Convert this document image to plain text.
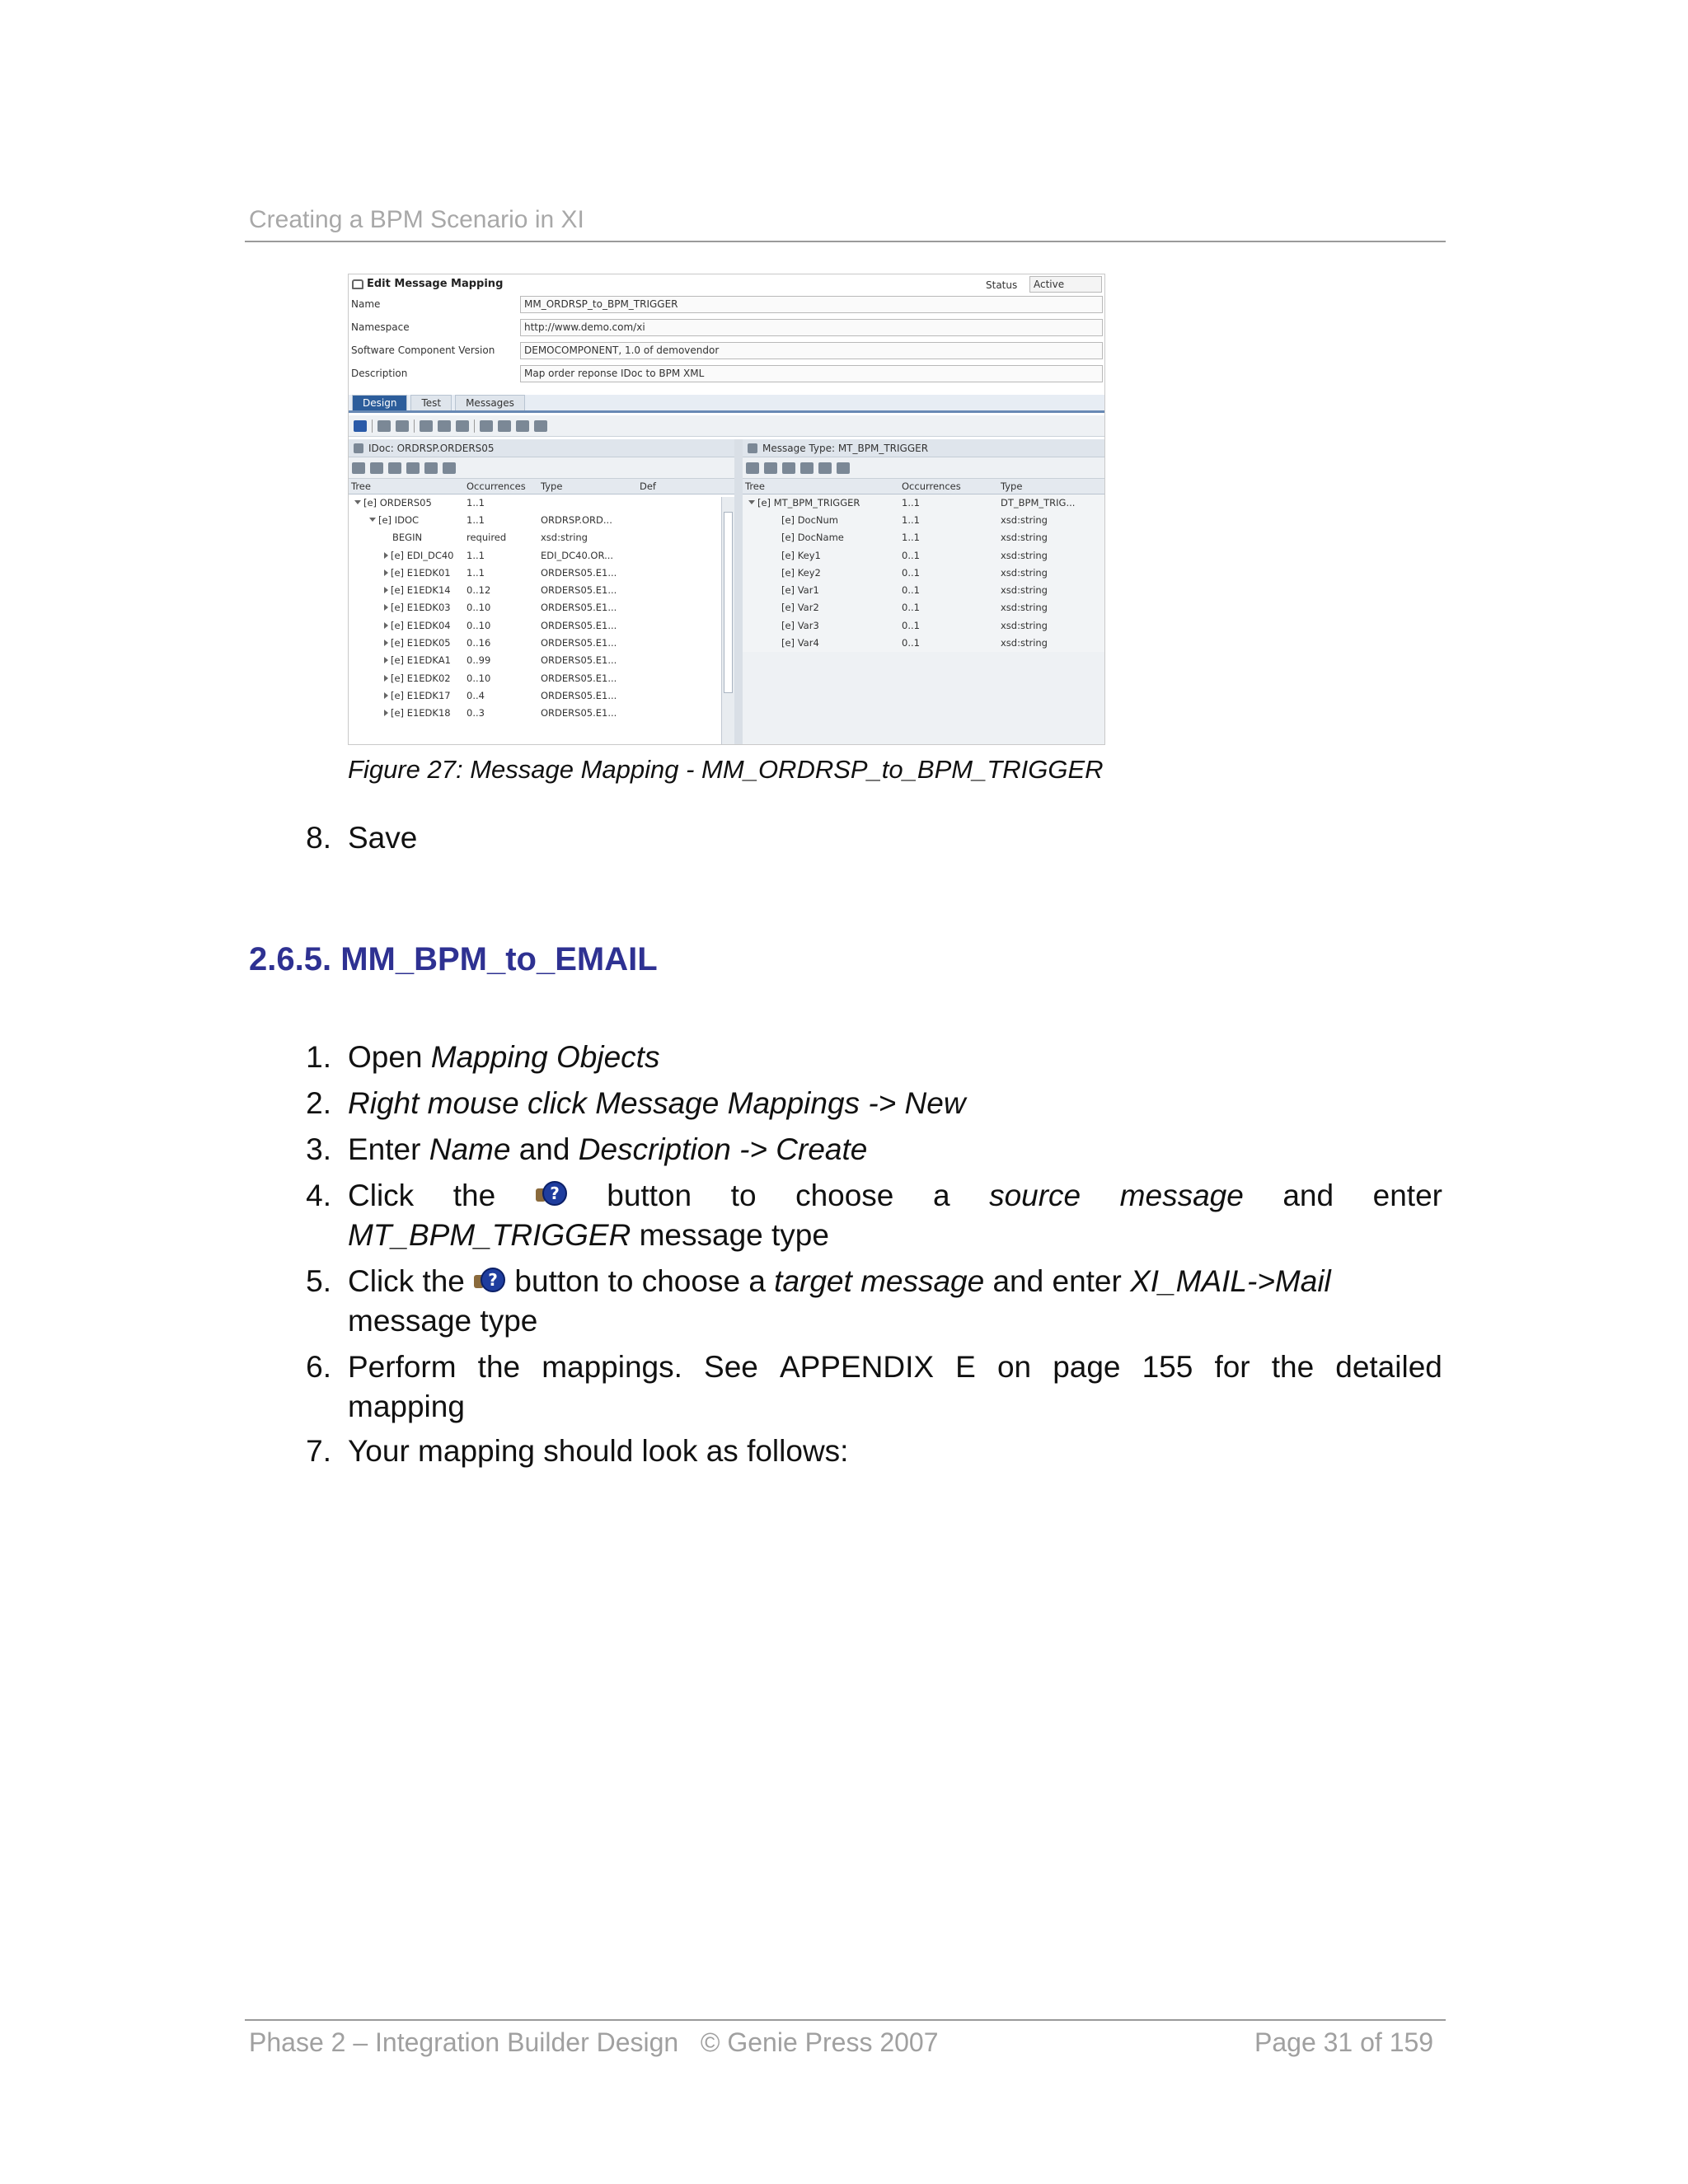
Creating a BPM Scenario in XI
Edit Message Mapping	Status	Active
Name	MM_ORDRSP_to_BPM_TRIGGER
Namespace	http://www.demo.com/xi
Software Component Version	DEMOCOMPONENT, 1.0 of demovendor
Description	Map order reponse IDoc to BPM XML
Design	Test	Messages
IDoc: ORDRSP.ORDERS05
Tree	Occurrences	Type	Def

[e] ORDERS05	1..1		

[e] IDOC	1..1	ORDRSP.ORD...	

BEGIN	required	xsd:string	

[e] EDI_DC40	1..1	EDI_DC40.OR...	

[e] E1EDK01	1..1	ORDERS05.E1...	

[e] E1EDK14	0..12	ORDERS05.E1...	

[e] E1EDK03	0..10	ORDERS05.E1...	

[e] E1EDK04	0..10	ORDERS05.E1...	

[e] E1EDK05	0..16	ORDERS05.E1...	

[e] E1EDKA1	0..99	ORDERS05.E1...	

[e] E1EDK02	0..10	ORDERS05.E1...	

[e] E1EDK17	0..4	ORDERS05.E1...	

[e] E1EDK18	0..3	ORDERS05.E1...	
Message Type: MT_BPM_TRIGGER
Tree	Occurrences	Type

[e] MT_BPM_TRIGGER	1..1	DT_BPM_TRIG...

[e] DocNum	1..1	xsd:string

[e] DocName	1..1	xsd:string

[e] Key1	0..1	xsd:string

[e] Key2	0..1	xsd:string

[e] Var1	0..1	xsd:string

[e] Var2	0..1	xsd:string

[e] Var3	0..1	xsd:string

[e] Var4	0..1	xsd:string
Figure 27: Message Mapping - MM_ORDRSP_to_BPM_TRIGGER
8. Save
2.6.5. MM_BPM_to_EMAIL
1. Open Mapping Objects
2. Right mouse click Message Mappings -> New
3. Enter Name and Description -> Create
4. Click the	? button to choose a source message and enter
MT_BPM_TRIGGER message type
5. Click the ? button to choose a target message and enter XI_MAIL->Mail
message type
6. Perform the mappings. See APPENDIX E on page 155 for the detailed
mapping
7. Your mapping should look as follows:
Phase 2 – Integration Builder Design   © Genie Press 2007	Page 31 of 159
